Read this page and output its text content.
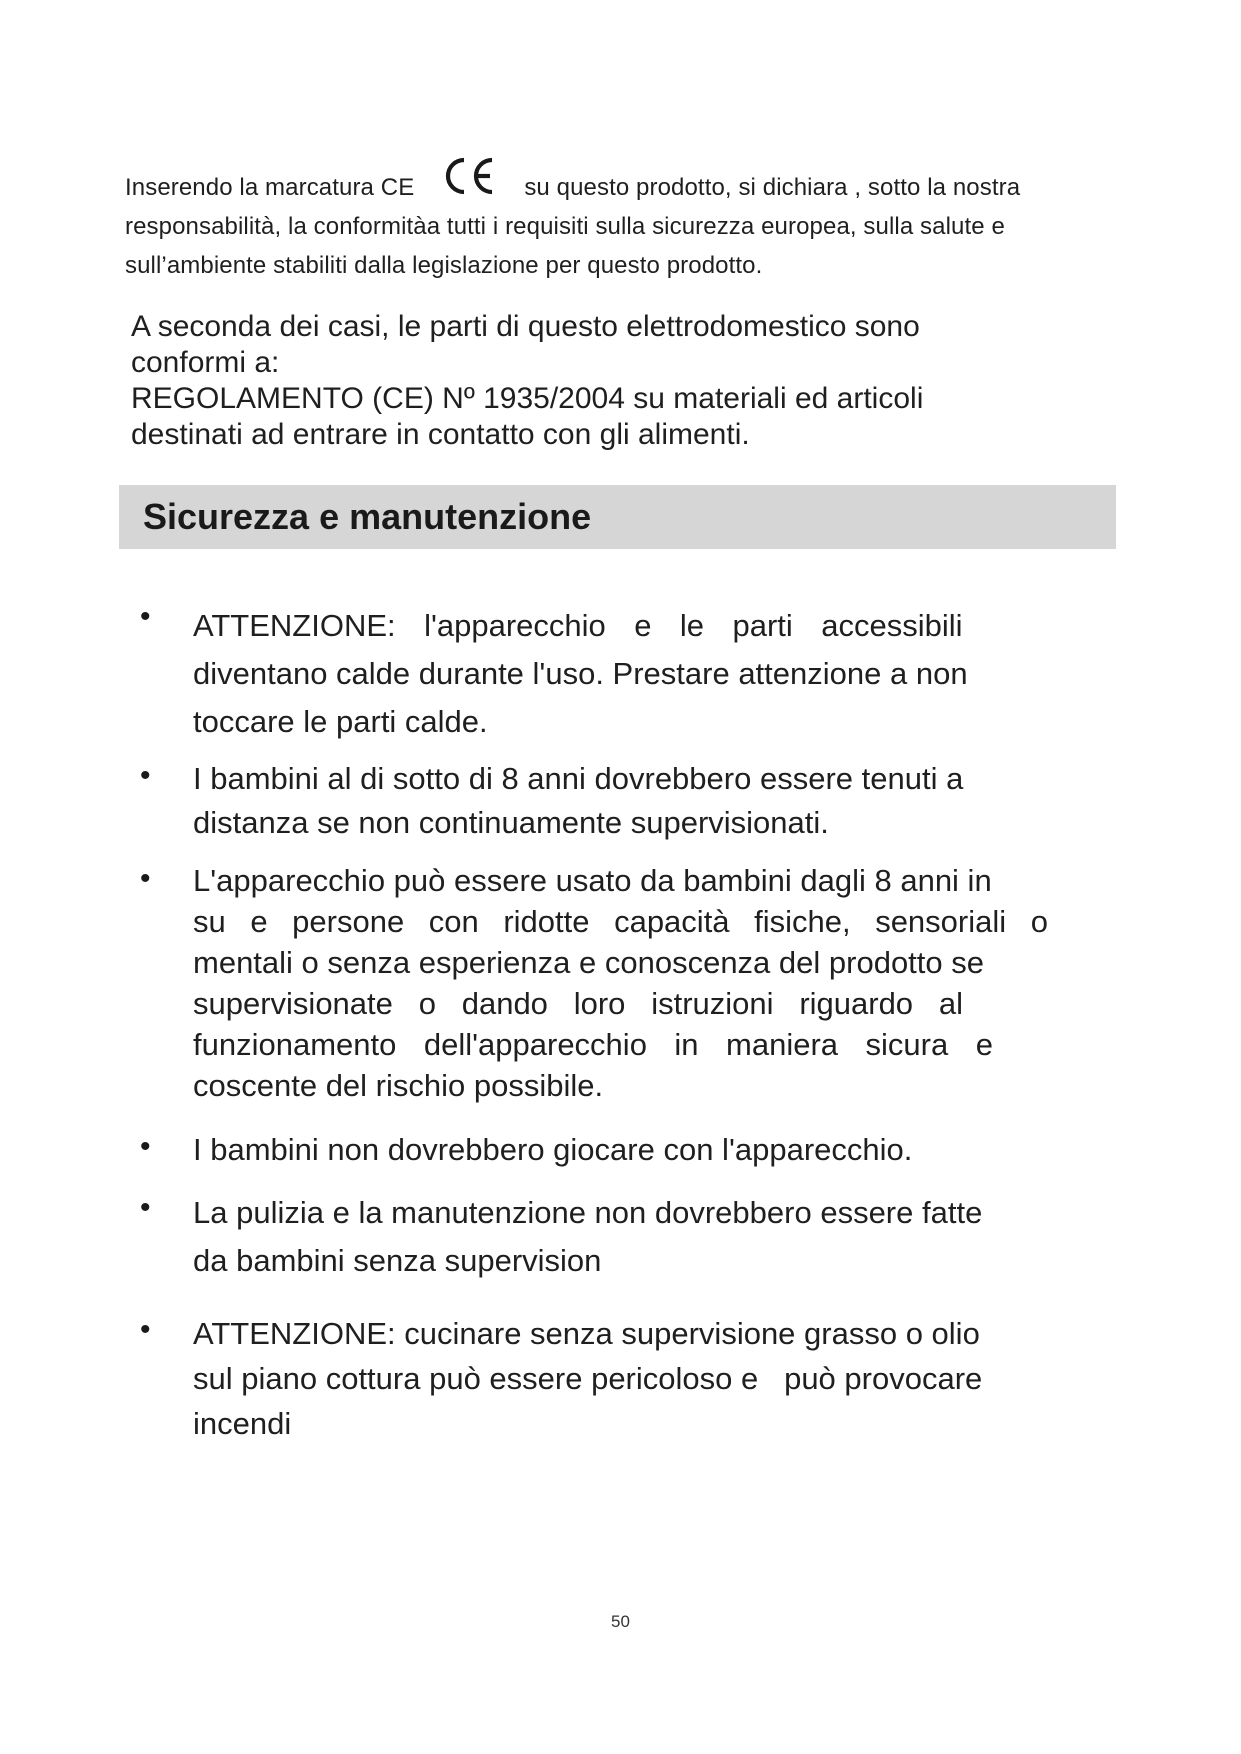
Inserendo la marcatura CE	su questo prodotto, si dichiara , sotto la nostra
responsabilità, la conformitàa tutti i requisiti sulla sicurezza europea, sulla salute e
sull’ambiente stabiliti dalla legislazione per questo prodotto.
A seconda dei casi, le parti di questo elettrodomestico sono
conformi a:
REGOLAMENTO (CE) Nº 1935/2004 su materiali ed articoli
destinati ad entrare in contatto con gli alimenti.
Sicurezza e manutenzione
•	ATTENZIONE: l'apparecchio e le parti accessibili
diventano calde durante l'uso. Prestare attenzione a non
toccare le parti calde.
•	I bambini al di sotto di 8 anni dovrebbero essere tenuti a
distanza se non continuamente supervisionati.
•	L'apparecchio può essere usato da bambini dagli 8 anni in
su e persone con ridotte capacità fisiche, sensoriali o
mentali o senza esperienza e conoscenza del prodotto se
supervisionate o dando loro istruzioni riguardo al
funzionamento dell'apparecchio in maniera sicura e
coscente del rischio possibile.
•	I bambini non dovrebbero giocare con l'apparecchio.
•	La pulizia e la manutenzione non dovrebbero essere fatte
da bambini senza supervision
•	ATTENZIONE: cucinare senza supervisione grasso o olio
sul piano cottura può essere pericoloso e   può provocare
incendi
50
